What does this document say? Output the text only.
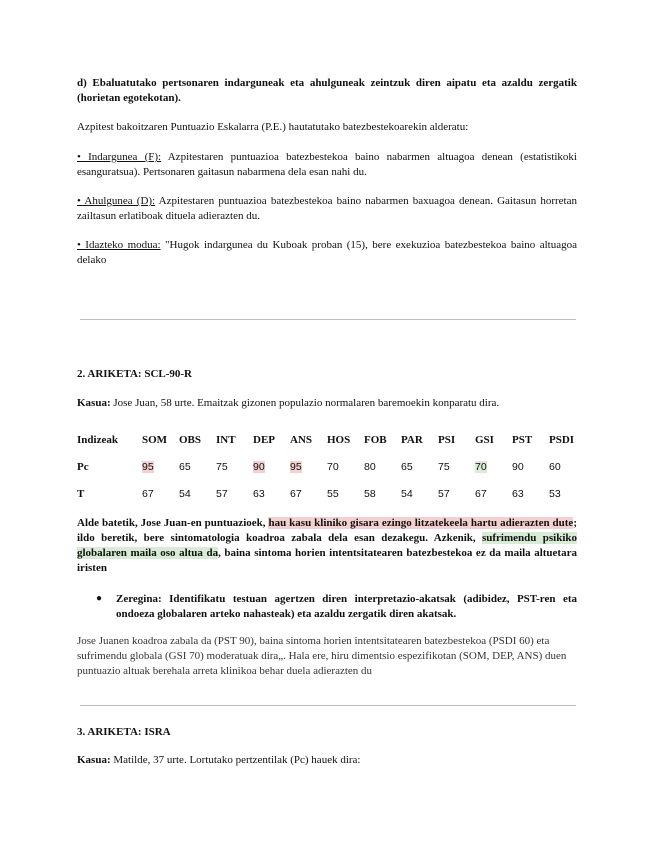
d) Ebaluatutako pertsonaren indarguneak eta ahulguneak zeintzuk diren aipatu eta azaldu zergatik (horietan egotekotan).
Azpitest bakoitzaren Puntuazio Eskalarra (P.E.) hautatutako batezbestekoarekin alderatu:
• Indargunea (F): Azpitestaren puntuazioa batezbestekoa baino nabarmen altuagoa denean (estatistikoki esanguratsua). Pertsonaren gaitasun nabarmena dela esan nahi du.
• Ahulgunea (D): Azpitestaren puntuazioa batezbestekoa baino nabarmen baxuagoa denean. Gaitasun horretan zailtasun erlatiboak dituela adierazten du.
• Idazteko modua: "Hugok indargunea du Kuboak proban (15), bere exekuzioa batezbestekoa baino altuagoa delako
2. ARIKETA: SCL-90-R
Kasua: Jose Juan, 58 urte. Emaitzak gizonen populazio normalaren baremoekin konparatu dira.
Indizeak	SOM	OBS	INT	DEP	ANS	HOS	FOB	PAR	PSI	GSI	PST	PSDI
Pc	95	65	75	90	95	70	80	65	75	70	90	60
T	67	54	57	63	67	55	58	54	57	67	63	53
Alde batetik, Jose Juan-en puntuazioek, hau kasu kliniko gisara ezingo litzatekeela hartu adierazten dute; ildo beretik, bere sintomatologia koadroa zabala dela esan dezakegu. Azkenik, sufrimendu psikiko globalaren maila oso altua da, baina sintoma horien intentsitatearen batezbestekoa ez da maila altuetara iristen
● Zeregina: Identifikatu testuan agertzen diren interpretazio-akatsak (adibidez, PST-ren eta ondoeza globalaren arteko nahasteak) eta azaldu zergatik diren akatsak.
Jose Juanen koadroa zabala da (PST 90), baina sintoma horien intentsitatearen batezbestekoa (PSDI 60) eta sufrimendu globala (GSI 70) moderatuak dira„. Hala ere, hiru dimentsio espezifikotan (SOM, DEP, ANS) duen puntuazio altuak berehala arreta klinikoa behar duela adierazten du
3. ARIKETA: ISRA
Kasua: Matilde, 37 urte. Lortutako pertzentilak (Pc) hauek dira:
